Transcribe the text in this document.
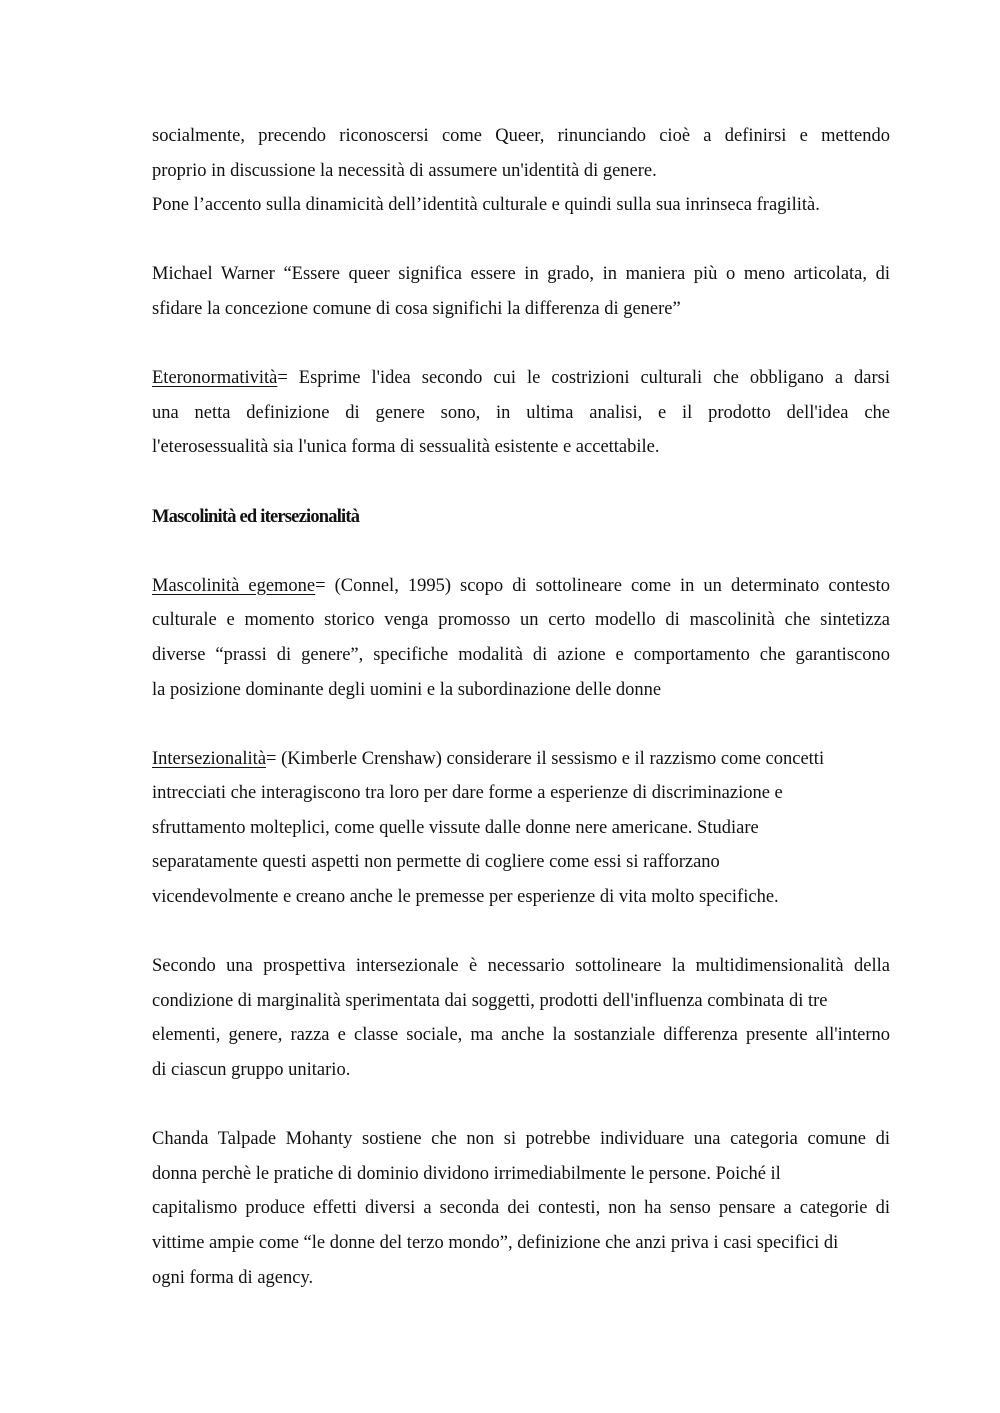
socialmente, precendo riconoscersi come Queer, rinunciando cioè a definirsi e mettendo
proprio in discussione la necessità di assumere un'identità di genere.
Pone l’accento sulla dinamicità dell’identità culturale e quindi sulla sua inrinseca fragilità.
Michael Warner “Essere queer significa essere in grado, in maniera più o meno articolata, di
sfidare la concezione comune di cosa significhi la differenza di genere”
Eteronormatività= Esprime l'idea secondo cui le costrizioni culturali che obbligano a darsi
una netta definizione di genere sono, in ultima analisi, e il prodotto dell'idea che
l'eterosessualità sia l'unica forma di sessualità esistente e accettabile.
Mascolinità ed itersezionalità
Mascolinità egemone= (Connel, 1995) scopo di sottolineare come in un determinato contesto
culturale e momento storico venga promosso un certo modello di mascolinità che sintetizza
diverse “prassi di genere”, specifiche modalità di azione e comportamento che garantiscono
la posizione dominante degli uomini e la subordinazione delle donne
Intersezionalità= (Kimberle Crenshaw) considerare il sessismo e il razzismo come concetti
intrecciati che interagiscono tra loro per dare forme a esperienze di discriminazione e
sfruttamento molteplici, come quelle vissute dalle donne nere americane. Studiare
separatamente questi aspetti non permette di cogliere come essi si rafforzano
vicendevolmente e creano anche le premesse per esperienze di vita molto specifiche.
Secondo una prospettiva intersezionale è necessario sottolineare la multidimensionalità della
condizione di marginalità sperimentata dai soggetti, prodotti dell'influenza combinata di tre
elementi, genere, razza e classe sociale, ma anche la sostanziale differenza presente all'interno
di ciascun gruppo unitario.
Chanda Talpade Mohanty sostiene che non si potrebbe individuare una categoria comune di
donna perchè le pratiche di dominio dividono irrimediabilmente le persone. Poiché il
capitalismo produce effetti diversi a seconda dei contesti, non ha senso pensare a categorie di
vittime ampie come “le donne del terzo mondo”, definizione che anzi priva i casi specifici di
ogni forma di agency.
